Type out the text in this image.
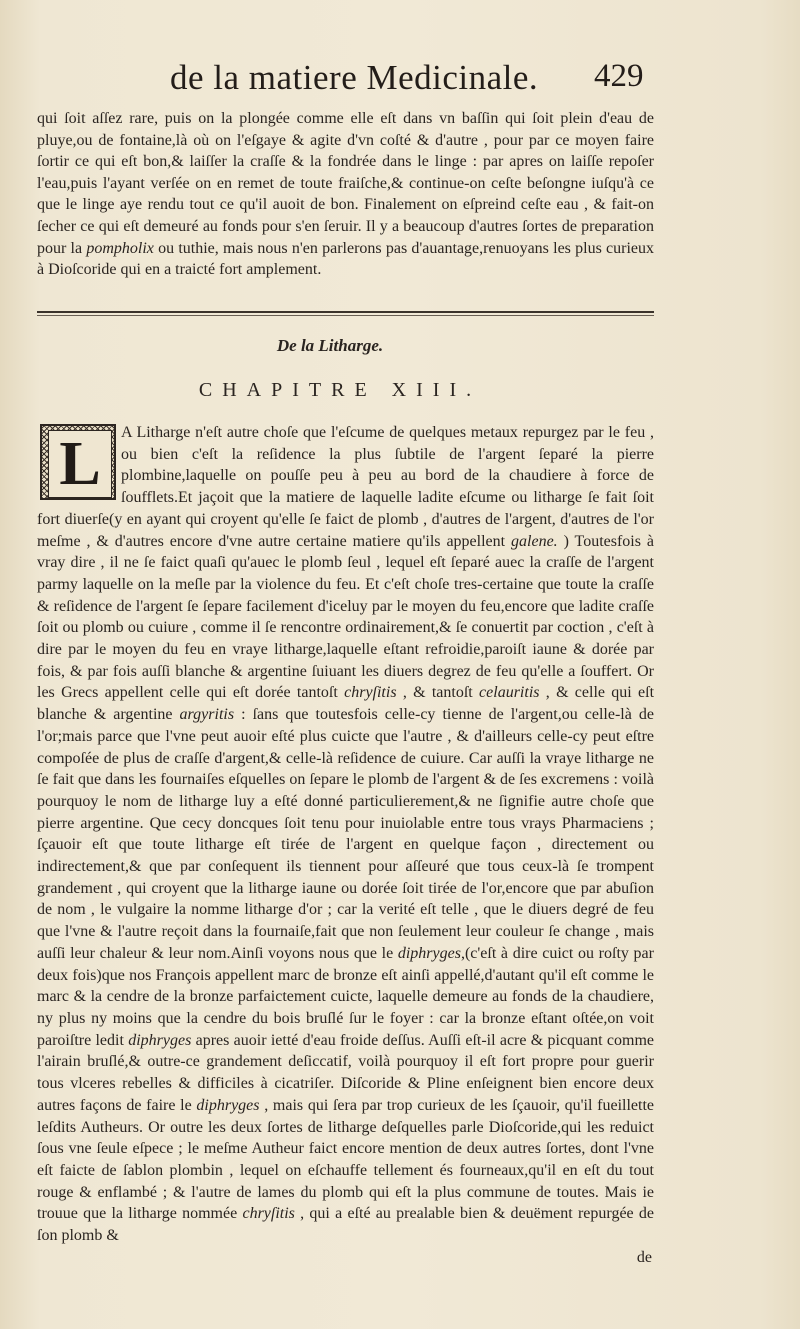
de la matiere Medicinale. 429
qui ſoit aſſez rare, puis on la plongée comme elle eſt dans vn baſſin qui ſoit plein d'eau de pluye,ou de fontaine,là où on l'eſgaye & agite d'vn coſté & d'autre , pour par ce moyen faire ſortir ce qui eſt bon,& laiſſer la craſſe & la fondrée dans le linge : par apres on laiſſe repoſer l'eau,puis l'ayant verſée on en remet de toute fraiſche,& continue-on ceſte beſongne iuſqu'à ce que le linge aye rendu tout ce qu'il auoit de bon. Finalement on eſpreind ceſte eau , & fait-on ſecher ce qui eſt demeuré au fonds pour s'en ſeruir. Il y a beaucoup d'autres ſortes de preparation pour la pompholix ou tuthie, mais nous n'en parlerons pas d'auantage,renuoyans les plus curieux à Dioſcoride qui en a traicté fort amplement.
De la Litharge.
CHAPITRE XIII.
A Litharge n'eſt autre choſe que l'eſcume de quelques metaux repurgez par le feu , ou bien c'eſt la reſidence la plus ſubtile de l'argent ſeparé la pierre plombine,laquelle on pouſſe peu à peu au bord de la chaudiere à force de ſoufflets.Et jaçoit que la matiere de laquelle ladite eſcume ou litharge ſe fait ſoit fort diuerſe(y en ayant qui croyent qu'elle ſe faict de plomb , d'autres de l'argent, d'autres de l'or meſme , & d'autres encore d'vne autre certaine matiere qu'ils appellent galene. ) Toutesfois à vray dire , il ne ſe faict quaſi qu'auec le plomb ſeul , lequel eſt ſeparé auec la craſſe de l'argent parmy laquelle on la meſle par la violence du feu. Et c'eſt choſe tres-certaine que toute la craſſe & reſidence de l'argent ſe ſepare facilement d'iceluy par le moyen du feu,encore que ladite craſſe ſoit ou plomb ou cuiure , comme il ſe rencontre ordinairement,& ſe conuertit par coction , c'eſt à dire par le moyen du feu en vraye litharge,laquelle eſtant refroidie,paroiſt iaune & dorée par fois, & par fois auſſi blanche & argentine ſuiuant les diuers degrez de feu qu'elle a ſouffert. Or les Grecs appellent celle qui eſt dorée tantoſt chryſitis , & tantoſt celauritis , & celle qui eſt blanche & argentine argyritis : ſans que toutesfois celle-cy tienne de l'argent,ou celle-là de l'or;mais parce que l'vne peut auoir eſté plus cuicte que l'autre , & d'ailleurs celle-cy peut eſtre compoſée de plus de craſſe d'argent,& celle-là reſidence de cuiure. Car auſſi la vraye litharge ne ſe fait que dans les fournaiſes eſquelles on ſepare le plomb de l'argent & de ſes excremens : voilà pourquoy le nom de litharge luy a eſté donné particulierement,& ne ſignifie autre choſe que pierre argentine. Que cecy doncques ſoit tenu pour inuiolable entre tous vrays Pharmaciens ; ſçauoir eſt que toute litharge eſt tirée de l'argent en quelque façon , directement ou indirectement,& que par conſequent ils tiennent pour aſſeuré que tous ceux-là ſe trompent grandement , qui croyent que la litharge iaune ou dorée ſoit tirée de l'or,encore que par abuſion de nom , le vulgaire la nomme litharge d'or ; car la verité eſt telle , que le diuers degré de feu que l'vne & l'autre reçoit dans la fournaiſe,fait que non ſeulement leur couleur ſe change , mais auſſi leur chaleur & leur nom.Ainſi voyons nous que le diphryges,(c'eſt à dire cuict ou roſty par deux fois)que nos François appellent marc de bronze eſt ainſi appellé,d'autant qu'il eſt comme le marc & la cendre de la bronze parfaictement cuicte, laquelle demeure au fonds de la chaudiere, ny plus ny moins que la cendre du bois bruſlé ſur le foyer : car la bronze eſtant oſtée,on voit paroiſtre ledit diphryges apres auoir ietté d'eau froide deſſus. Auſſi eſt-il acre & picquant comme l'airain bruſlé,& outre-ce grandement deſiccatif, voilà pourquoy il eſt fort propre pour guerir tous vlceres rebelles & difficiles à cicatriſer. Diſcoride & Pline enſeignent bien encore deux autres façons de faire le diphryges , mais qui ſera par trop curieux de les ſçauoir, qu'il fueillette leſdits Autheurs. Or outre les deux ſortes de litharge deſquelles parle Dioſcoride,qui les reduict ſous vne ſeule eſpece ; le meſme Autheur faict encore mention de deux autres ſortes, dont l'vne eſt faicte de ſablon plombin , lequel on eſchauffe tellement és fourneaux,qu'il en eſt du tout rouge & enflambé ; & l'autre de lames du plomb qui eſt la plus commune de toutes. Mais ie trouue que la litharge nommée chryſitis , qui a eſté au prealable bien & deuëment repurgée de ſon plomb &
de
L
